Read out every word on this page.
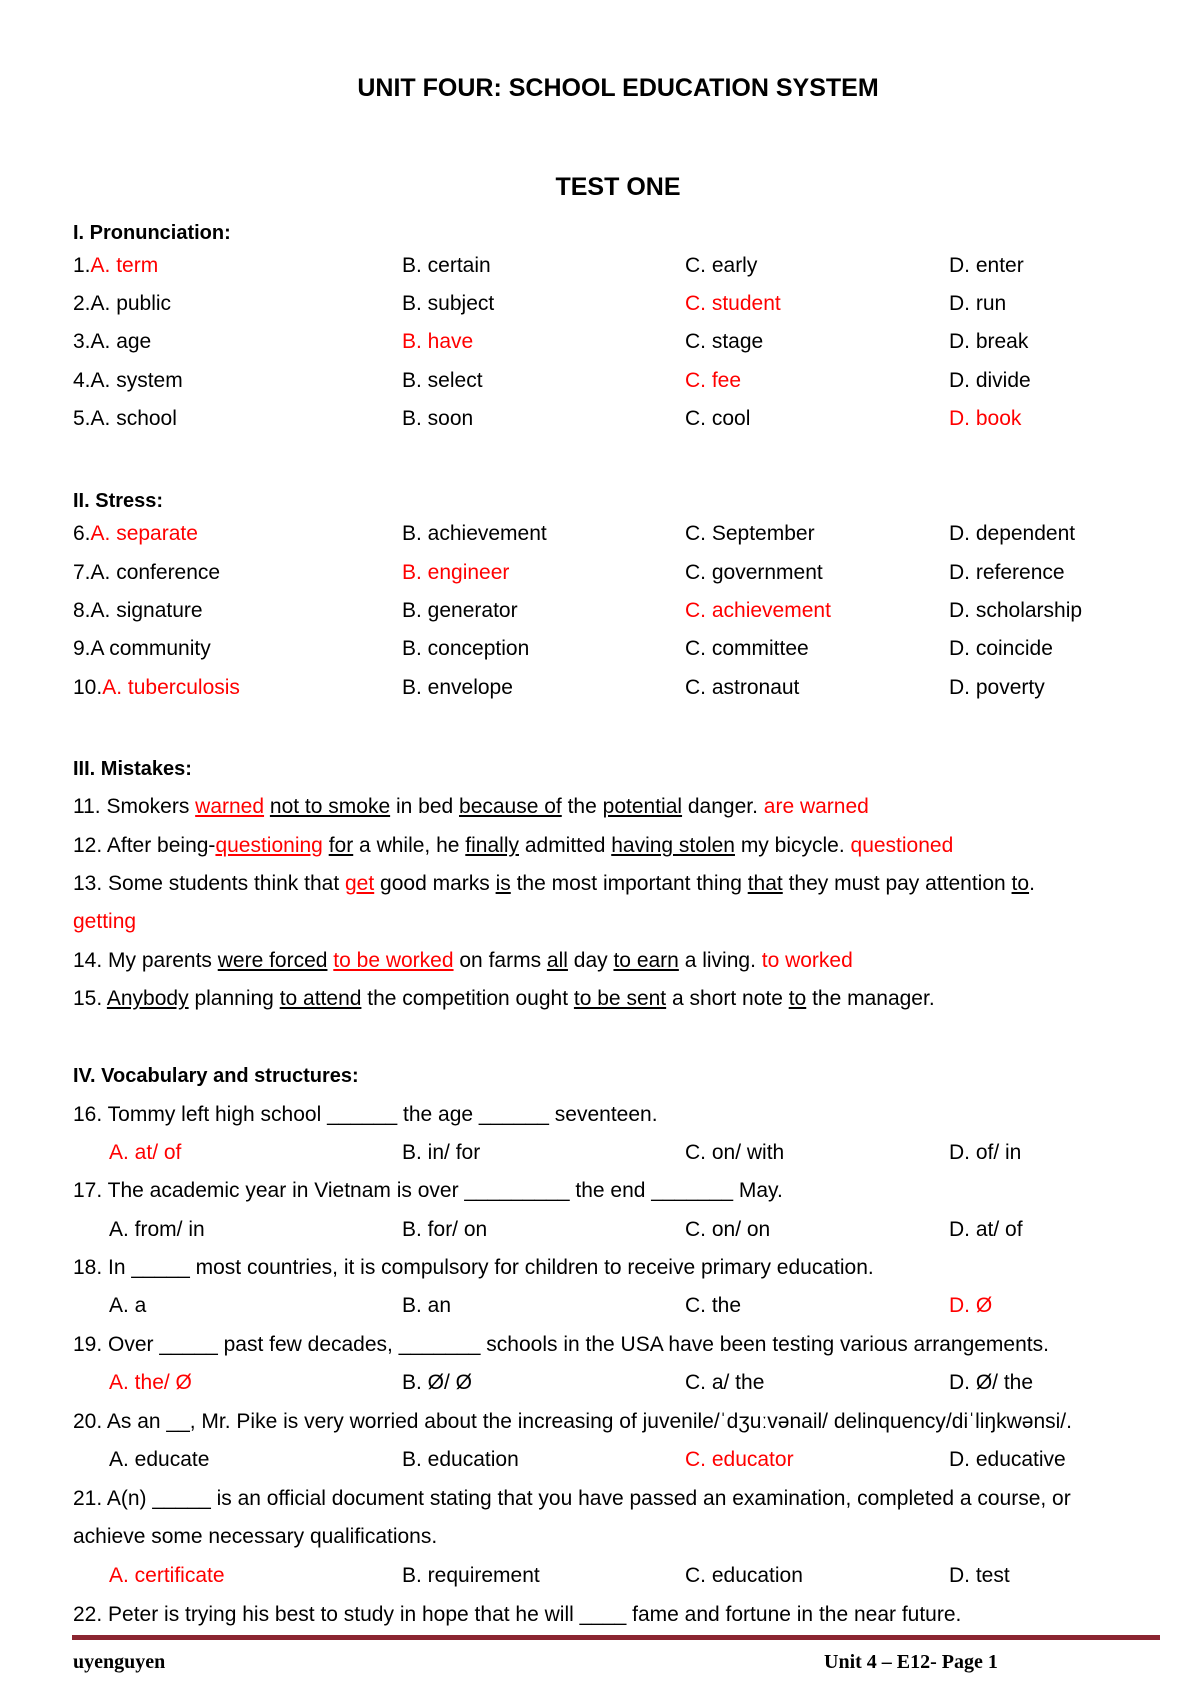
UNIT FOUR: SCHOOL EDUCATION SYSTEM
TEST ONE
I. Pronunciation:
1.A. term	B. certain	C. early	D. enter
2.A. public	B. subject	C. student	D. run
3.A. age	B. have	C. stage	D. break
4.A. system	B. select	C. fee	D. divide
5.A. school	B. soon	C. cool	D. book
II. Stress:
6.A. separate	B. achievement	C. September	D. dependent
7.A. conference	B. engineer	C. government	D. reference
8.A. signature	B. generator	C. achievement	D. scholarship
9.A community	B. conception	C. committee	D. coincide
10.A. tuberculosis	B. envelope	C. astronaut	D. poverty
III. Mistakes:
11. Smokers warned not to smoke in bed because of the potential danger. are warned
12. After being-questioning for a while, he finally admitted having stolen my bicycle. questioned
13. Some students think that get good marks is the most important thing that they must pay attention to.
getting
14. My parents were forced to be worked on farms all day to earn a living. to worked
15. Anybody planning to attend the competition ought to be sent a short note to the manager.
IV. Vocabulary and structures:
16. Tommy left high school ______ the age ______ seventeen.
A. at/ of	B. in/ for	C. on/ with	D. of/ in
17. The academic year in Vietnam is over _________ the end _______ May.
A. from/ in	B. for/ on	C. on/ on	D. at/ of
18. In _____ most countries, it is compulsory for children to receive primary education.
A. a	B. an	C. the	D. Ø
19. Over _____ past few decades, _______ schools in the USA have been testing various arrangements.
A. the/ Ø	B. Ø/ Ø	C. a/ the	D. Ø/ the
20. As an __, Mr. Pike is very worried about the increasing of juvenile/ˈdʒuːvənail/ delinquency/diˈliŋkwənsi/.
A. educate	B. education	C. educator	D. educative
21. A(n) _____ is an official document stating that you have passed an examination, completed a course, or
achieve some necessary qualifications.
A. certificate	B. requirement	C. education	D. test
22. Peter is trying his best to study in hope that he will ____ fame and fortune in the near future.
uyenguyen	Unit 4 – E12- Page 1
